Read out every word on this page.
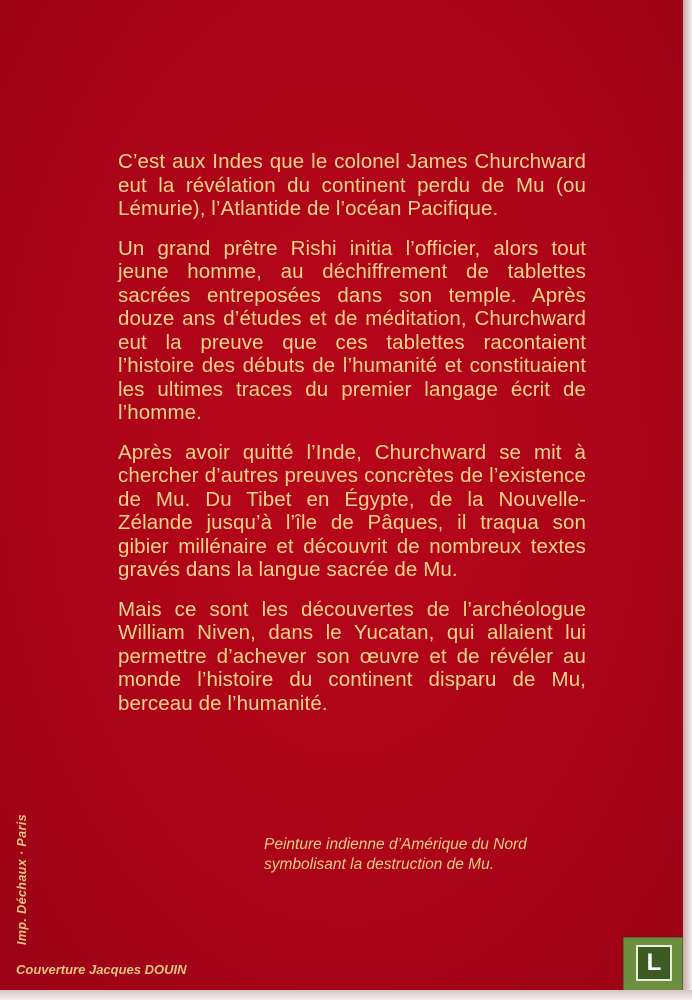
C’est aux Indes que le colonel James Churchward eut la révélation du continent perdu de Mu (ou Lémurie), l’Atlantide de l’océan Pacifique.

Un grand prêtre Rishi initia l’officier, alors tout jeune homme, au déchiffrement de tablettes sacrées entreposées dans son temple. Après douze ans d’études et de méditation, Churchward eut la preuve que ces tablettes racontaient l’histoire des débuts de l’humanité et constituaient les ultimes traces du premier langage écrit de l’homme.

Après avoir quitté l’Inde, Churchward se mit à chercher d’autres preuves concrètes de l’existence de Mu. Du Tibet en Égypte, de la Nouvelle-Zélande jusqu’à l’île de Pâques, il traqua son gibier millénaire et découvrit de nombreux textes gravés dans la langue sacrée de Mu.

Mais ce sont les découvertes de l’archéologue William Niven, dans le Yucatan, qui allaient lui permettre d’achever son œuvre et de révéler au monde l’histoire du continent disparu de Mu, berceau de l’humanité.

Peinture indienne d’Amérique du Nord
symbolisant la destruction de Mu.
Imp. Déchaux · Paris
Couverture Jacques DOUIN	L
